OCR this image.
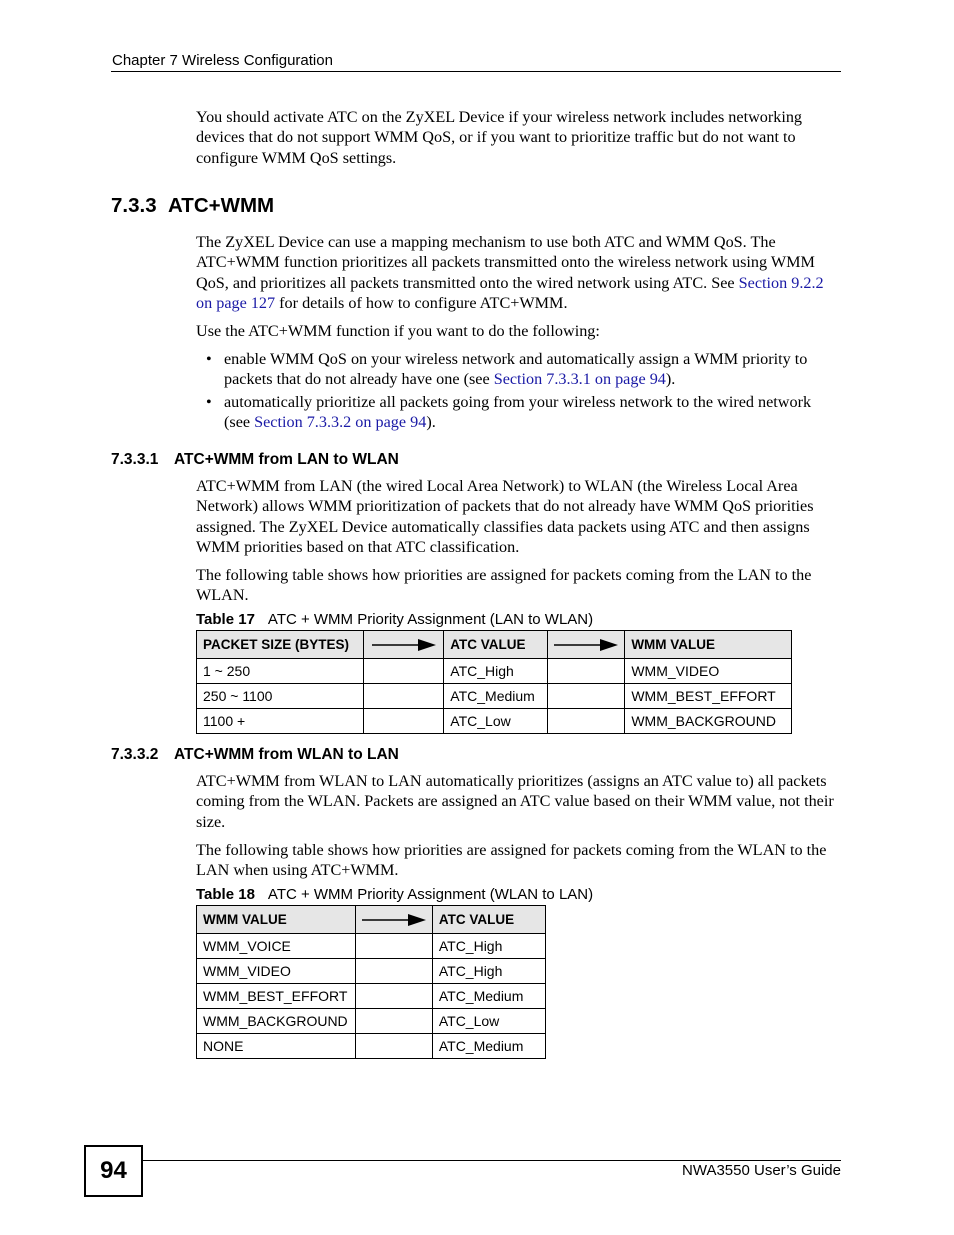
Chapter 7 Wireless Configuration
You should activate ATC on the ZyXEL Device if your wireless network includes networking devices that do not support WMM QoS, or if you want to prioritize traffic but do not want to configure WMM QoS settings.
7.3.3 ATC+WMM
The ZyXEL Device can use a mapping mechanism to use both ATC and WMM QoS. The ATC+WMM function prioritizes all packets transmitted onto the wireless network using WMM QoS, and prioritizes all packets transmitted onto the wired network using ATC. See Section 9.2.2 on page 127 for details of how to configure ATC+WMM.
Use the ATC+WMM function if you want to do the following:
• enable WMM QoS on your wireless network and automatically assign a WMM priority to packets that do not already have one (see Section 7.3.3.1 on page 94).
• automatically prioritize all packets going from your wireless network to the wired network (see Section 7.3.3.2 on page 94).
7.3.3.1 ATC+WMM from LAN to WLAN
ATC+WMM from LAN (the wired Local Area Network) to WLAN (the Wireless Local Area Network) allows WMM prioritization of packets that do not already have WMM QoS priorities assigned. The ZyXEL Device automatically classifies data packets using ATC and then assigns WMM priorities based on that ATC classification.
The following table shows how priorities are assigned for packets coming from the LAN to the WLAN.
Table 17 ATC + WMM Priority Assignment (LAN to WLAN)
PACKET SIZE (BYTES)		ATC VALUE		WMM VALUE
1 ~ 250		ATC_High		WMM_VIDEO
250 ~ 1100		ATC_Medium		WMM_BEST_EFFORT
1100 +		ATC_Low		WMM_BACKGROUND
7.3.3.2 ATC+WMM from WLAN to LAN
ATC+WMM from WLAN to LAN automatically prioritizes (assigns an ATC value to) all packets coming from the WLAN. Packets are assigned an ATC value based on their WMM value, not their size.
The following table shows how priorities are assigned for packets coming from the WLAN to the LAN when using ATC+WMM.
Table 18 ATC + WMM Priority Assignment (WLAN to LAN)
WMM VALUE		ATC VALUE
WMM_VOICE		ATC_High
WMM_VIDEO		ATC_High
WMM_BEST_EFFORT		ATC_Medium
WMM_BACKGROUND		ATC_Low
NONE		ATC_Medium
94	NWA3550 User’s Guide
